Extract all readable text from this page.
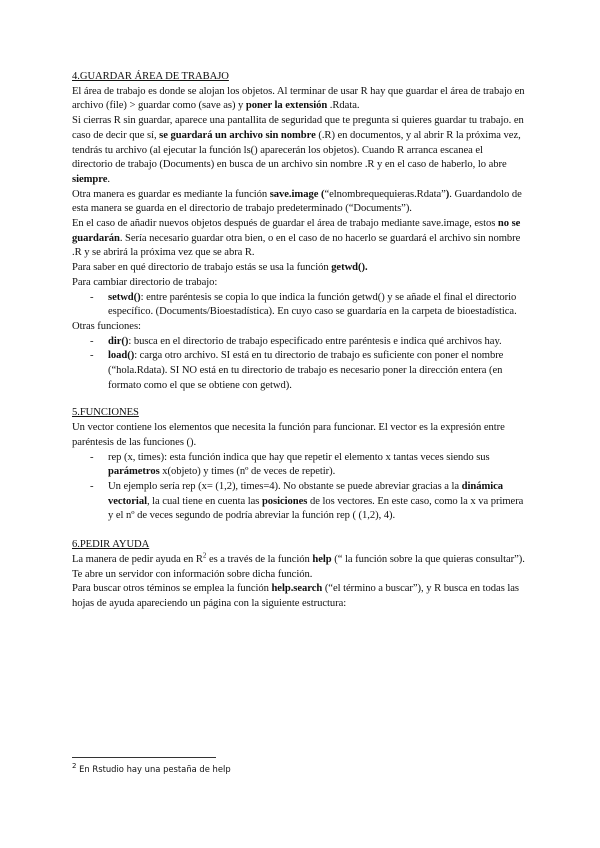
4.GUARDAR ÁREA DE TRABAJO

El área de trabajo es donde se alojan los objetos. Al terminar de usar R hay que guardar el área de trabajo en archivo (file) > guardar como (save as) y poner la extensión .Rdata.

Si cierras R sin guardar, aparece una pantallita de seguridad que te pregunta si quieres guardar tu trabajo. en caso de decir que sí, se guardará un archivo sin nombre (.R) en documentos, y al abrir R la próxima vez, tendrás tu archivo (al ejecutar la función ls() aparecerán los objetos). Cuando R arranca escanea el directorio de trabajo (Documents) en busca de un archivo sin nombre .R y en el caso de haberlo, lo abre siempre.

Otra manera es guardar es mediante la función save.image (“elnombrequequieras.Rdata”). Guardandolo de esta manera se guarda en el directorio de trabajo predeterminado (“Documents”).

En el caso de añadir nuevos objetos después de guardar el área de trabajo mediante save.image, estos no se guardarán. Sería necesario guardar otra bien, o en el caso de no hacerlo se guardará el archivo sin nombre .R y se abrirá la próxima vez que se abra R.

Para saber en qué directorio de trabajo estás se usa la función getwd().

Para cambiar directorio de trabajo:

- setwd(): entre paréntesis se copia lo que indica la función getwd() y se añade el final el directorio específico. (Documents/Bioestadística). En cuyo caso se guardaría en la carpeta de bioestadística.

Otras funciones:

- dir(): busca en el directorio de trabajo especificado entre paréntesis e indica qué archivos hay.
- load(): carga otro archivo. SI está en tu directorio de trabajo es suficiente con poner el nombre (“hola.Rdata). SI NO está en tu directorio de trabajo es necesario poner la dirección entera (en formato como el que se obtiene con getwd).

5.FUNCIONES

Un vector contiene los elementos que necesita la función para funcionar. El vector es la expresión entre paréntesis de las funciones ().

- rep (x, times): esta función indica que hay que repetir el elemento x tantas veces siendo sus parámetros x(objeto) y times (nº de veces de repetir).
- Un ejemplo sería rep (x= (1,2), times=4). No obstante se puede abreviar gracias a la dinámica vectorial, la cual tiene en cuenta las posiciones de los vectores. En este caso, como la x va primera y el nº de veces segundo de podría abreviar la función rep ( (1,2), 4).

6.PEDIR AYUDA

La manera de pedir ayuda en $R^2$ es a través de la función help (“ la función sobre la que quieras consultar”). Te abre un servidor con información sobre dicha función.

Para buscar otros téminos se emplea la función help.search (“el término a buscar”), y R busca en todas las hojas de ayuda apareciendo un página con la siguiente estructura:

$^2$ En Rstudio hay una pestaña de help
